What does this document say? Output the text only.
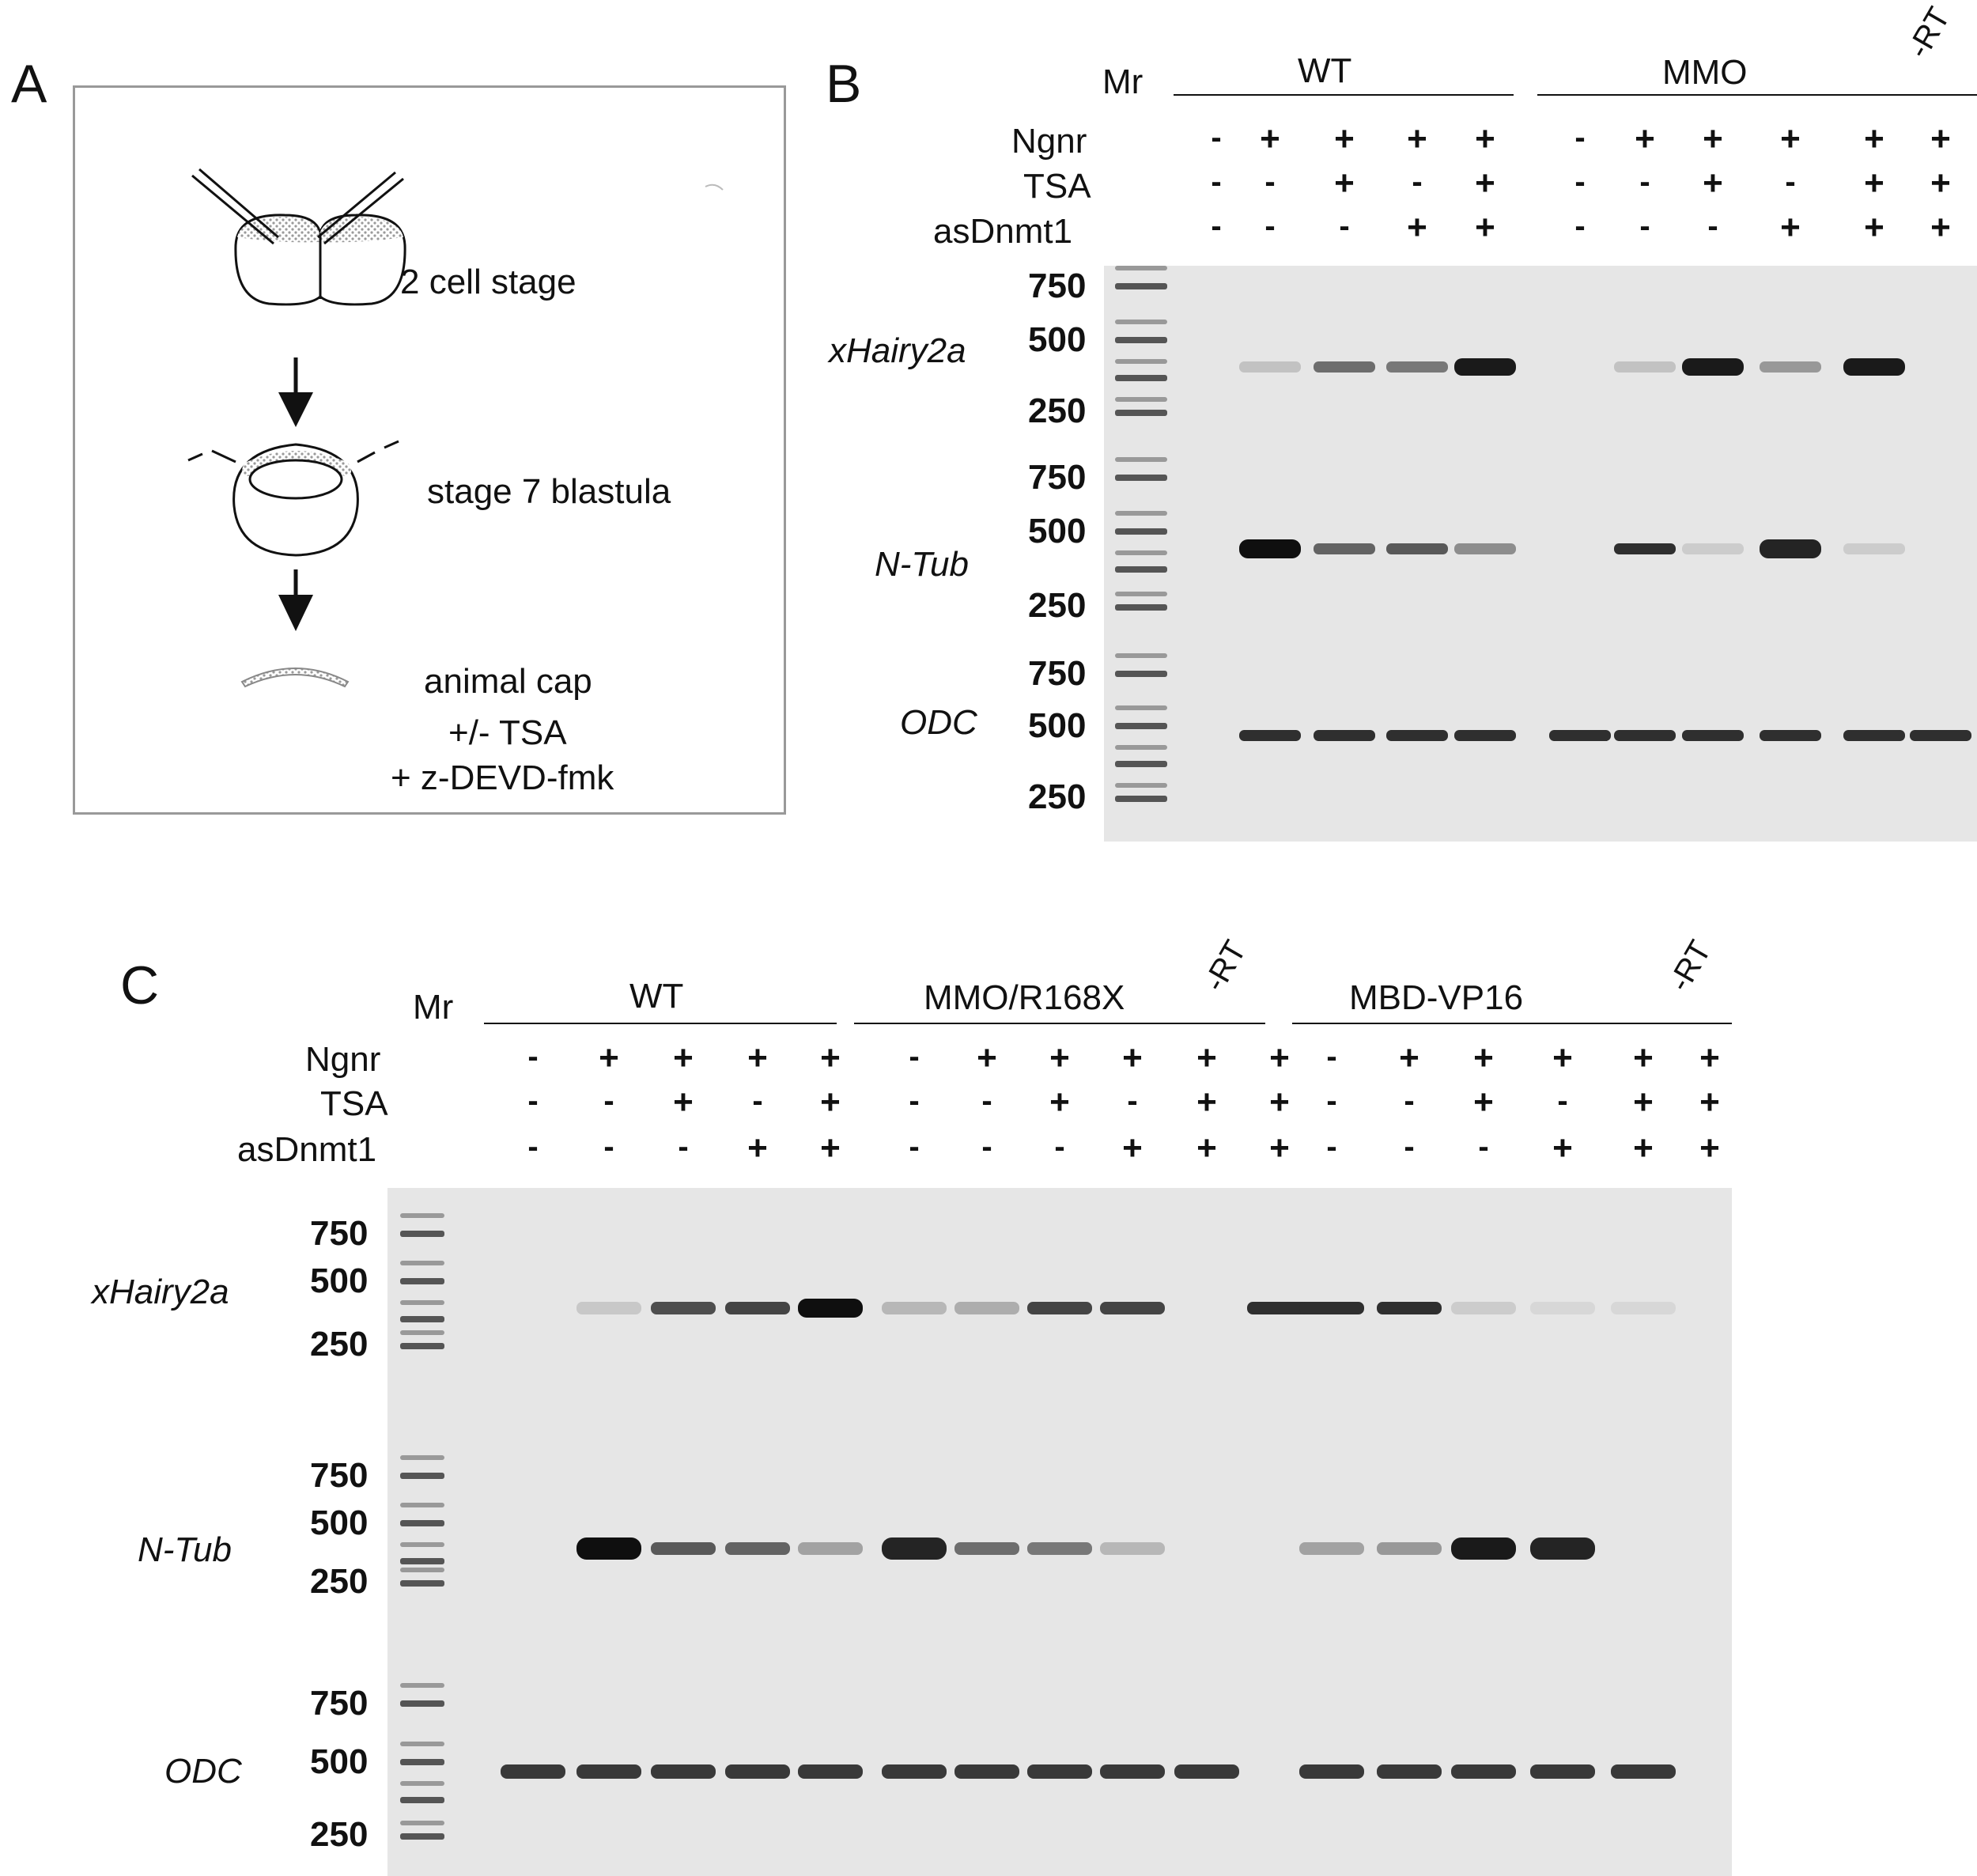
A
2 cell stage
stage 7 blastula
animal cap
+/- TSA
+ z-DEVD-fmk
B	Mr	WT	MMO
-RT
Ngnr
TSA
asDnmt1
- + + + +	- + + + + +
- - + - +	- - + - + +
- - - + +	- - - + + +
xHairy2a
N-Tub
ODC
750
500
250
750
500
250
750
500
250
C	Mr	WT	MMO/R168X	MBD-VP16
-RT	-RT
Ngnr
TSA
asDnmt1
- + + + + - + + + + + - + + + + +
- - + - + - - + - + + - - + - + +
- - - + + - - - + + + - - - + + +
xHairy2a
N-Tub
ODC
750
500
250
750
500
250
750
500
250
